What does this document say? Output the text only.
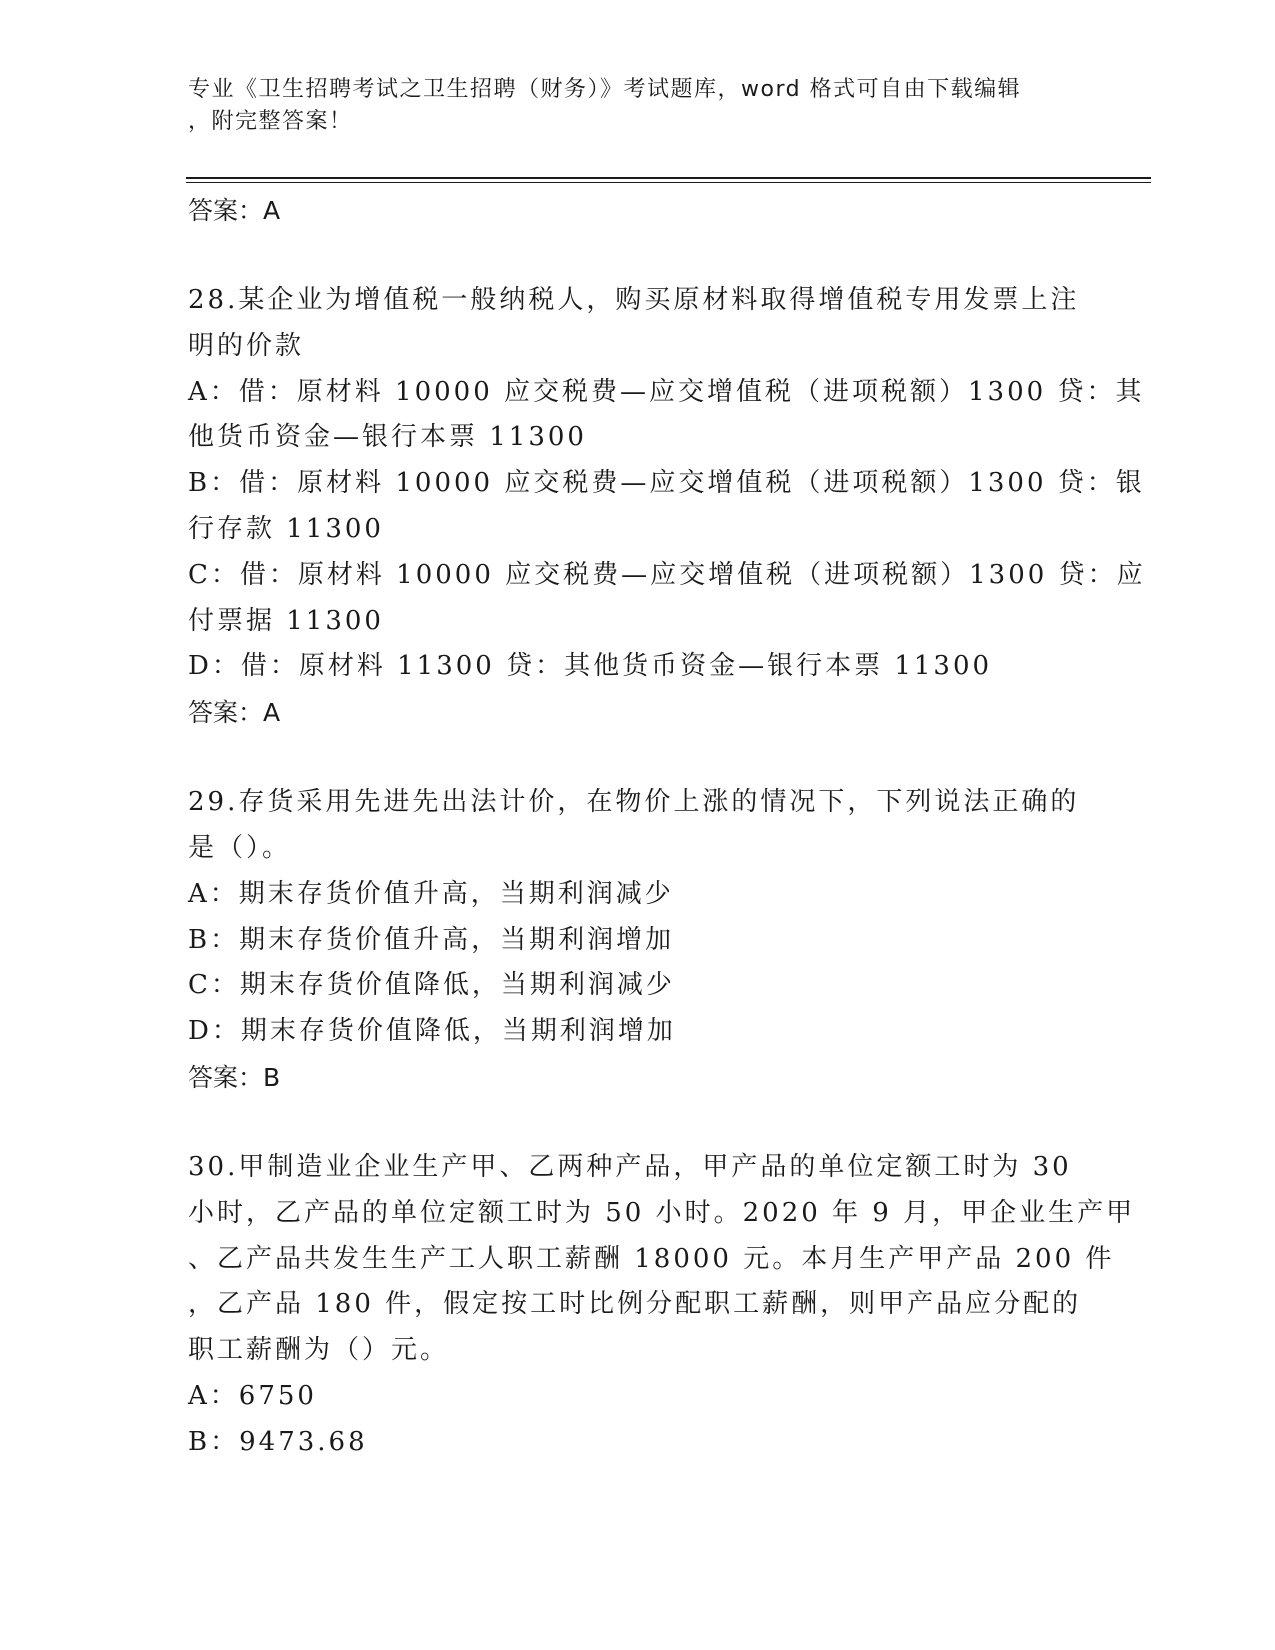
专业《卫生招聘考试之卫生招聘（财务）》考试题库，word 格式可自由下载编辑
，附完整答案！
答案：A
28.某企业为增值税一般纳税人，购买原材料取得增值税专用发票上注
明的价款
A：借：原材料 10000 应交税费—应交增值税（进项税额）1300 贷：其
他货币资金—银行本票 11300
B：借：原材料 10000 应交税费—应交增值税（进项税额）1300 贷：银
行存款 11300
C：借：原材料 10000 应交税费—应交增值税（进项税额）1300 贷：应
付票据 11300
D：借：原材料 11300 贷：其他货币资金—银行本票 11300
答案：A
29.存货采用先进先出法计价，在物价上涨的情况下，下列说法正确的
是（）。
A：期末存货价值升高，当期利润减少
B：期末存货价值升高，当期利润增加
C：期末存货价值降低，当期利润减少
D：期末存货价值降低，当期利润增加
答案：B
30.甲制造业企业生产甲、乙两种产品，甲产品的单位定额工时为 30
小时，乙产品的单位定额工时为 50 小时。2020 年 9 月，甲企业生产甲
、乙产品共发生生产工人职工薪酬 18000 元。本月生产甲产品 200 件
，乙产品 180 件，假定按工时比例分配职工薪酬，则甲产品应分配的
职工薪酬为（）元。
A：6750
B：9473.68
